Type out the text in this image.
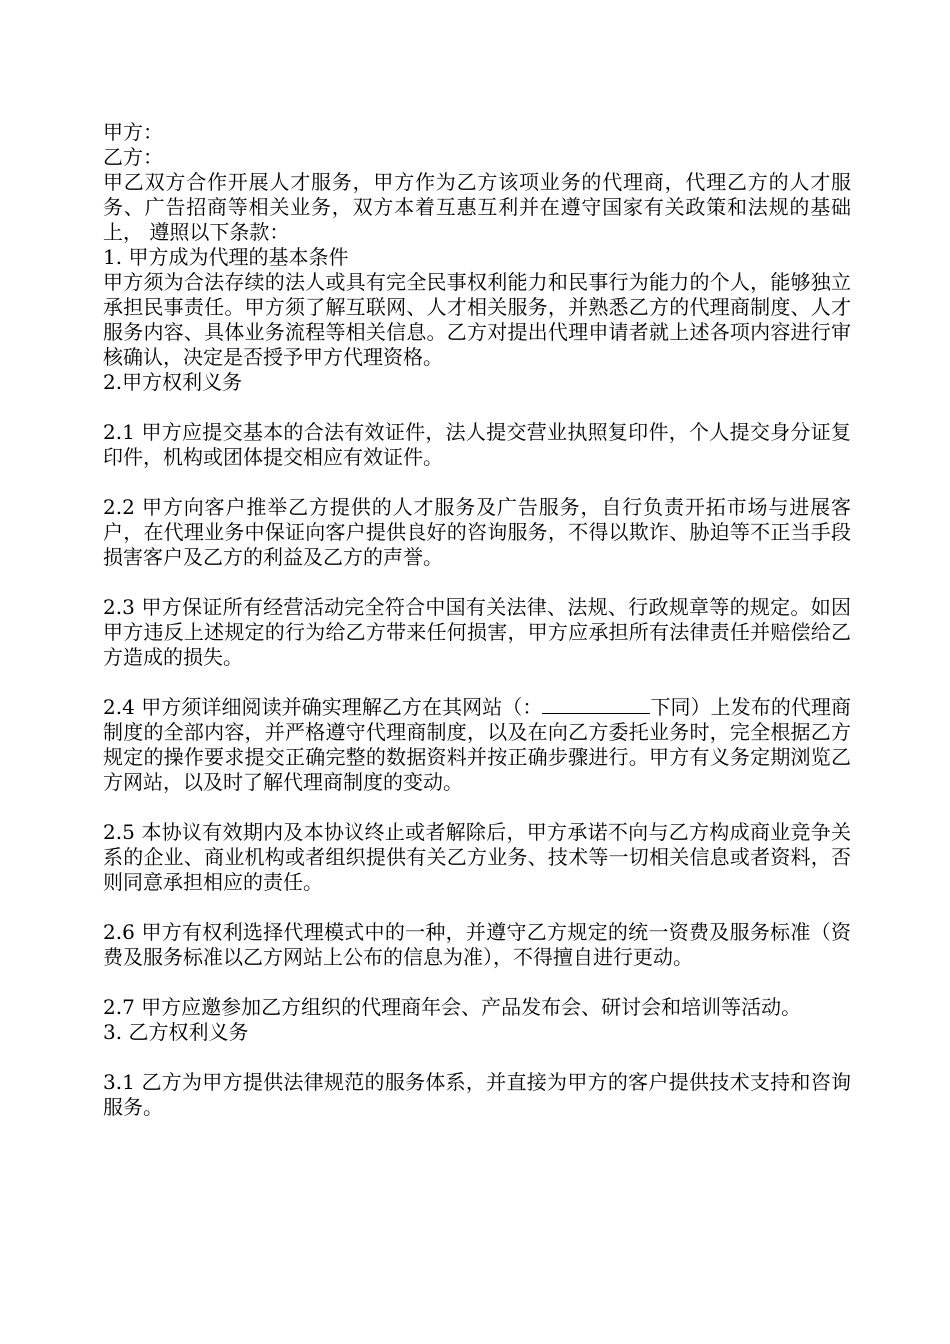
甲方：

乙方：

甲乙双方合作开展人才服务，甲方作为乙方该项业务的代理商，代理乙方的人才服务、广告招商等相关业务，双方本着互惠互利并在遵守国家有关政策和法规的基础上， 遵照以下条款：

1. 甲方成为代理的基本条件

甲方须为合法存续的法人或具有完全民事权利能力和民事行为能力的个人，能够独立承担民事责任。甲方须了解互联网、人才相关服务，并熟悉乙方的代理商制度、人才服务内容、具体业务流程等相关信息。乙方对提出代理申请者就上述各项内容进行审核确认，决定是否授予甲方代理资格。

2.甲方权利义务

2.1 甲方应提交基本的合法有效证件，法人提交营业执照复印件，个人提交身分证复印件，机构或团体提交相应有效证件。

2.2 甲方向客户推举乙方提供的人才服务及广告服务，自行负责开拓市场与进展客户，在代理业务中保证向客户提供良好的咨询服务，不得以欺诈、胁迫等不正当手段损害客户及乙方的利益及乙方的声誉。

2.3 甲方保证所有经营活动完全符合中国有关法律、法规、行政规章等的规定。如因甲方违反上述规定的行为给乙方带来任何损害，甲方应承担所有法律责任并赔偿给乙方造成的损失。

2.4 甲方须详细阅读并确实理解乙方在其网站（：	下同）上发布的代理商制度的全部内容，并严格遵守代理商制度，以及在向乙方委托业务时，完全根据乙方规定的操作要求提交正确完整的数据资料并按正确步骤进行。甲方有义务定期浏览乙方网站，以及时了解代理商制度的变动。

2.5 本协议有效期内及本协议终止或者解除后，甲方承诺不向与乙方构成商业竞争关系的企业、商业机构或者组织提供有关乙方业务、技术等一切相关信息或者资料，否则同意承担相应的责任。

2.6 甲方有权利选择代理模式中的一种，并遵守乙方规定的统一资费及服务标准（资费及服务标准以乙方网站上公布的信息为准），不得擅自进行更动。

2.7 甲方应邀参加乙方组织的代理商年会、产品发布会、研讨会和培训等活动。

3. 乙方权利义务

3.1 乙方为甲方提供法律规范的服务体系，并直接为甲方的客户提供技术支持和咨询服务。
